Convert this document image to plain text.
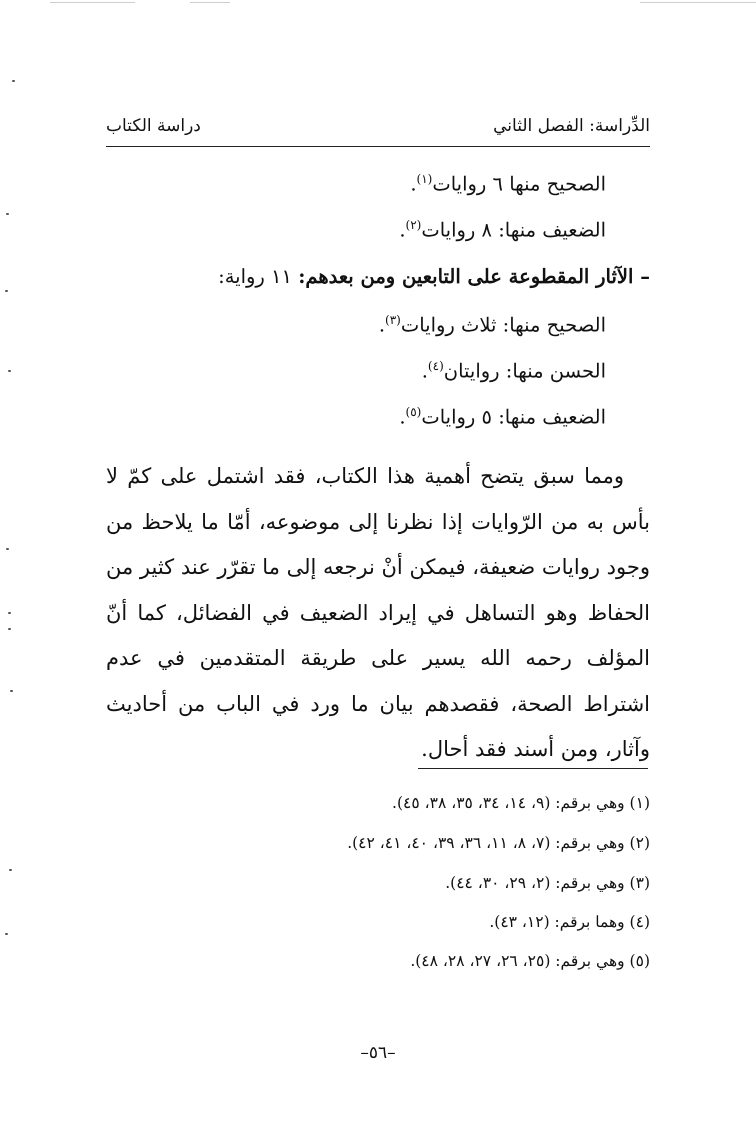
الدِّراسة: الفصل الثاني
دراسة الكتاب
الصحيح منها ٦ روايات$^{(١)}$.
الضعيف منها: ٨ روايات$^{(٢)}$.
– الآثار المقطوعة على التابعين ومن بعدهم: ١١ رواية:
الصحيح منها: ثلاث روايات$^{(٣)}$.
الحسن منها: روايتان$^{(٤)}$.
الضعيف منها: ٥ روايات$^{(٥)}$.
ومما سبق يتضح أهمية هذا الكتاب، فقد اشتمل على كمّ لا بأس به من الرّوايات إذا نظرنا إلى موضوعه، أمّا ما يلاحظ من وجود روايات ضعيفة، فيمكن أنْ نرجعه إلى ما تقرّر عند كثير من الحفاظ وهو التساهل في إيراد الضعيف في الفضائل، كما أنّ المؤلف رحمه الله يسير على طريقة المتقدمين في عدم اشتراط الصحة، فقصدهم بيان ما ورد في الباب من أحاديث وآثار، ومن أسند فقد أحال.
(١) وهي برقم: (٩، ١٤، ٣٤، ٣٥، ٣٨، ٤٥).
(٢) وهي برقم: (٧، ٨، ١١، ٣٦، ٣٩، ٤٠، ٤١، ٤٢).
(٣) وهي برقم: (٢، ٢٩، ٣٠، ٤٤).
(٤) وهما برقم: (١٢، ٤٣).
(٥) وهي برقم: (٢٥، ٢٦، ٢٧، ٢٨، ٤٨).
–٥٦–
